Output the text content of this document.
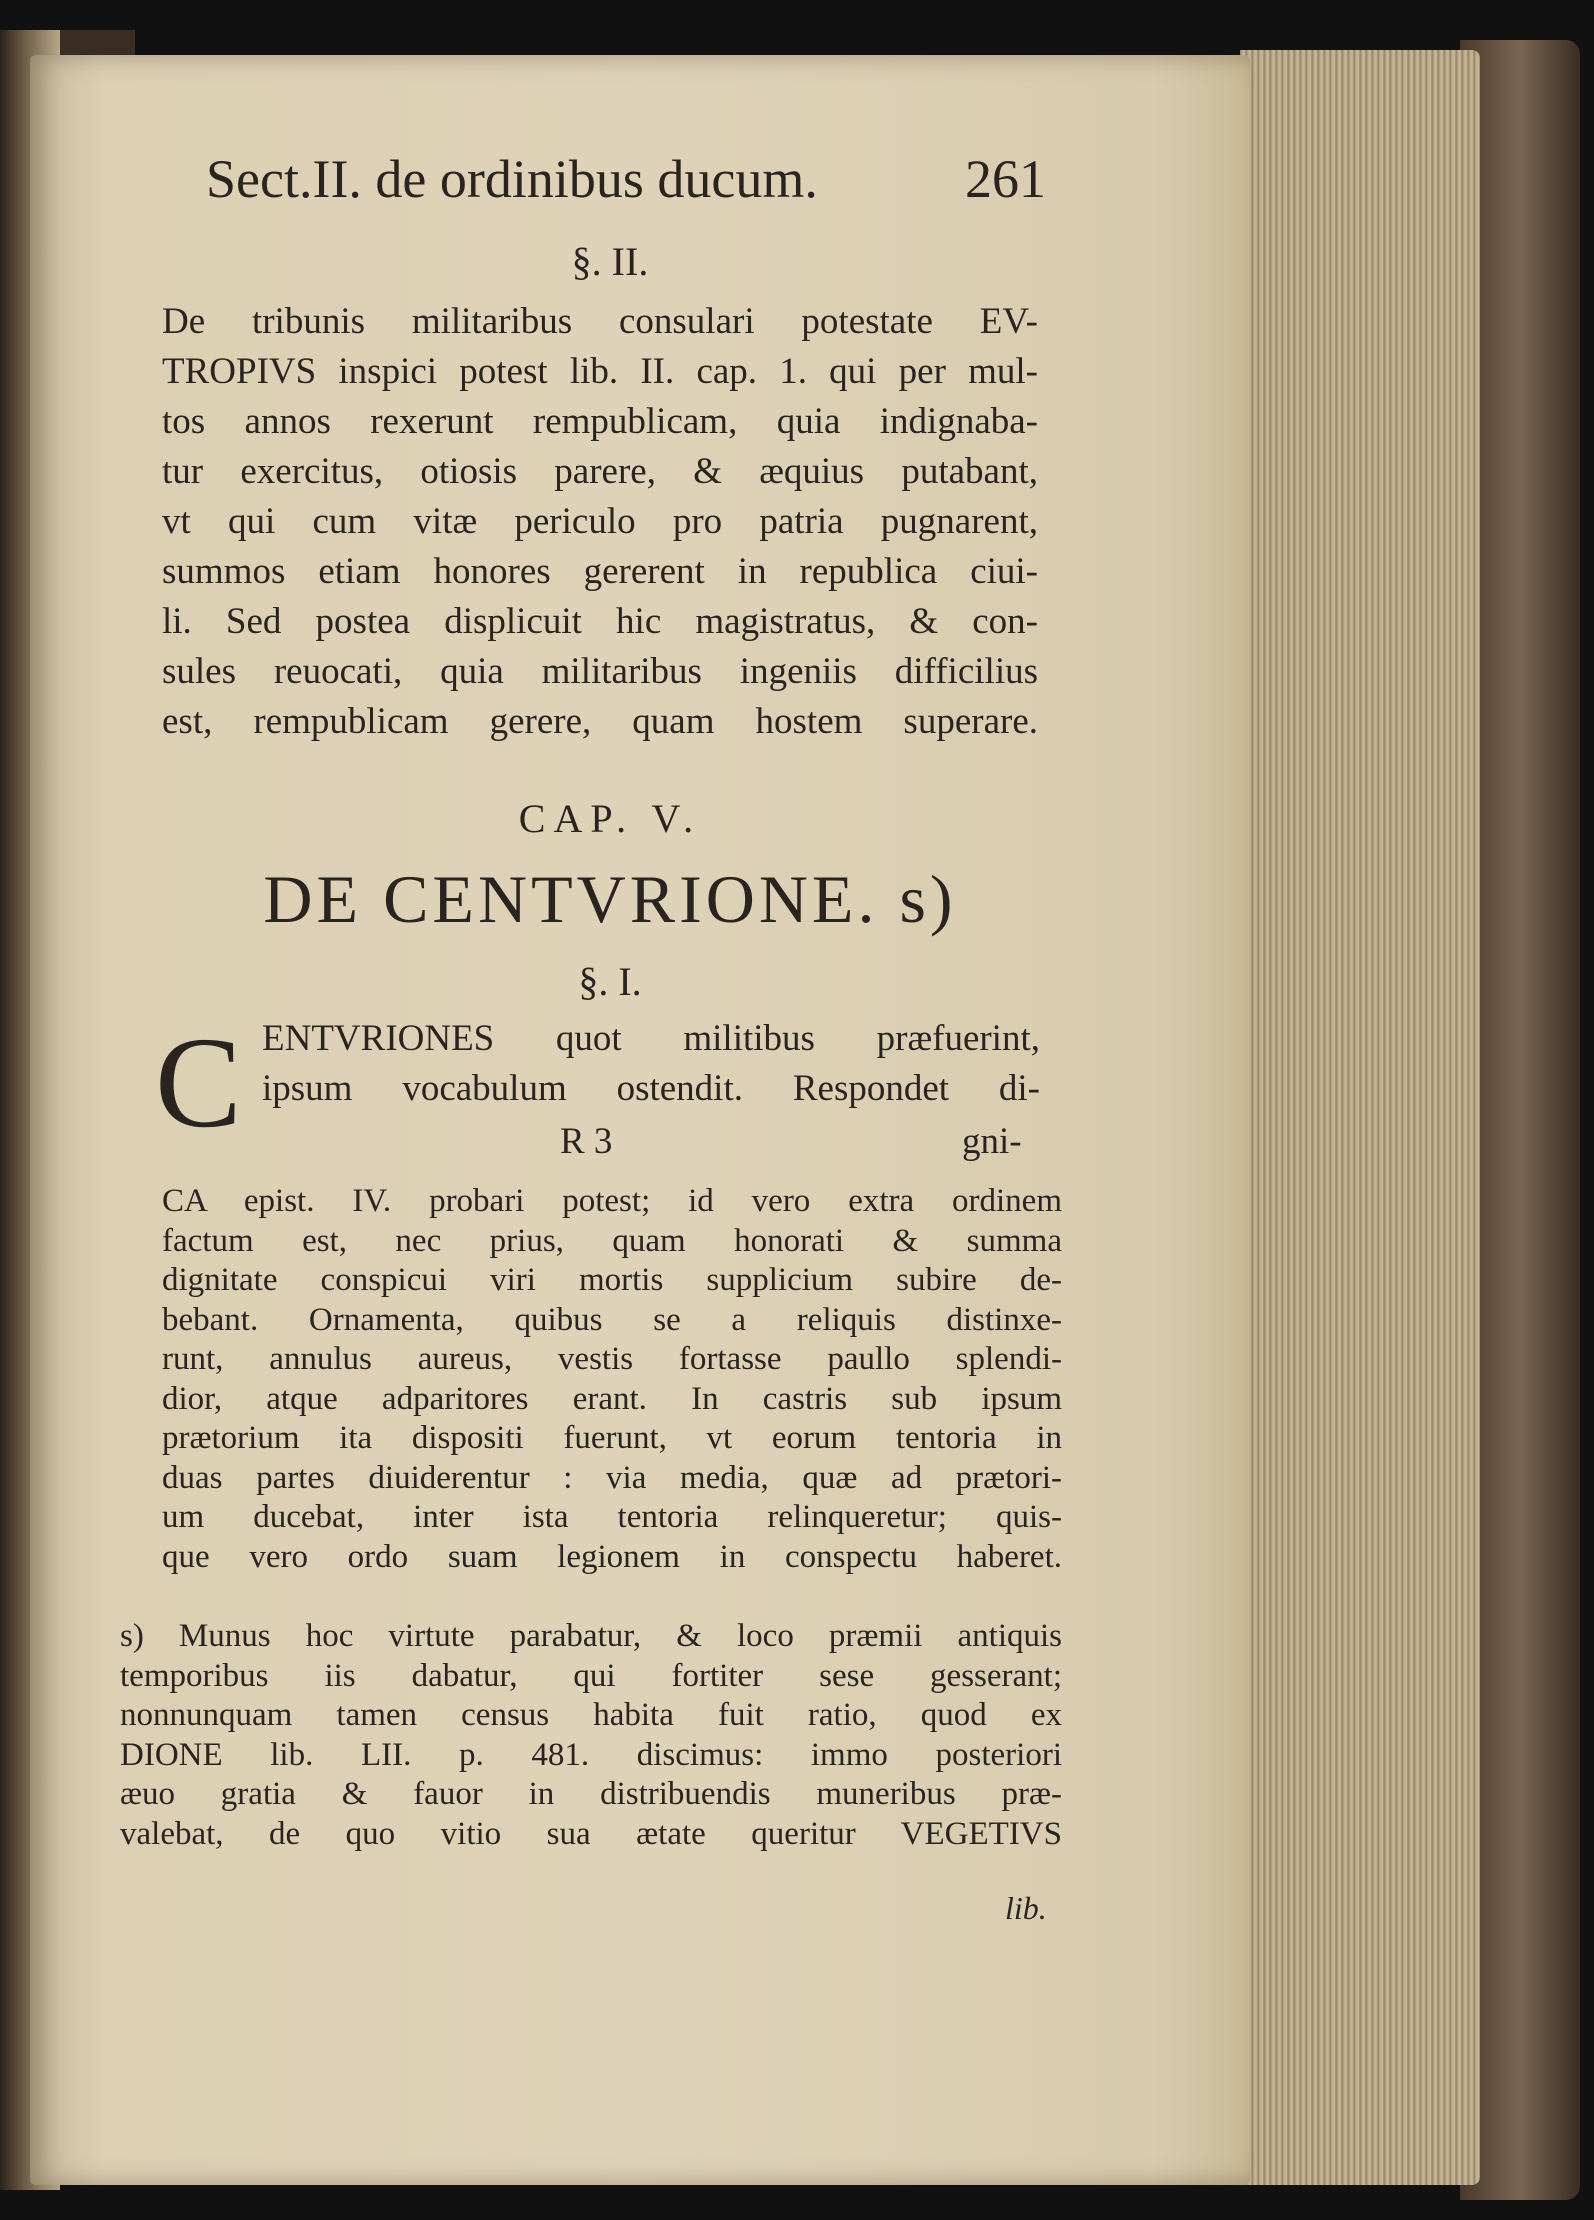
Sect.II. de ordinibus ducum.	261
§. II.
De tribunis militaribus consulari potestate EV-
TROPIVS inspici potest lib. II. cap. 1. qui per mul-
tos annos rexerunt rempublicam, quia indignaba-
tur exercitus, otiosis parere, & æquius putabant,
vt qui cum vitæ periculo pro patria pugnarent,
summos etiam honores gererent in republica ciui-
li. Sed postea displicuit hic magistratus, & con-
sules reuocati, quia militaribus ingeniis difficilius
est, rempublicam gerere, quam hostem superare.
CAP. V.
DE CENTVRIONE. s)
§. I.
C ENTVRIONES quot militibus præfuerint,
ipsum vocabulum ostendit. Respondet di-
R 3	gni-
CA epist. IV. probari potest; id vero extra ordinem
factum est, nec prius, quam honorati & summa
dignitate conspicui viri mortis supplicium subire de-
bebant. Ornamenta, quibus se a reliquis distinxe-
runt, annulus aureus, vestis fortasse paullo splendi-
dior, atque adparitores erant. In castris sub ipsum
prætorium ita dispositi fuerunt, vt eorum tentoria in
duas partes diuiderentur : via media, quæ ad prætori-
um ducebat, inter ista tentoria relinqueretur; quis-
que vero ordo suam legionem in conspectu haberet.
s) Munus hoc virtute parabatur, & loco præmii antiquis
temporibus iis dabatur, qui fortiter sese gesserant;
nonnunquam tamen census habita fuit ratio, quod ex
DIONE lib. LII. p. 481. discimus: immo posteriori
æuo gratia & fauor in distribuendis muneribus præ-
valebat, de quo vitio sua ætate queritur VEGETIVS
lib.
